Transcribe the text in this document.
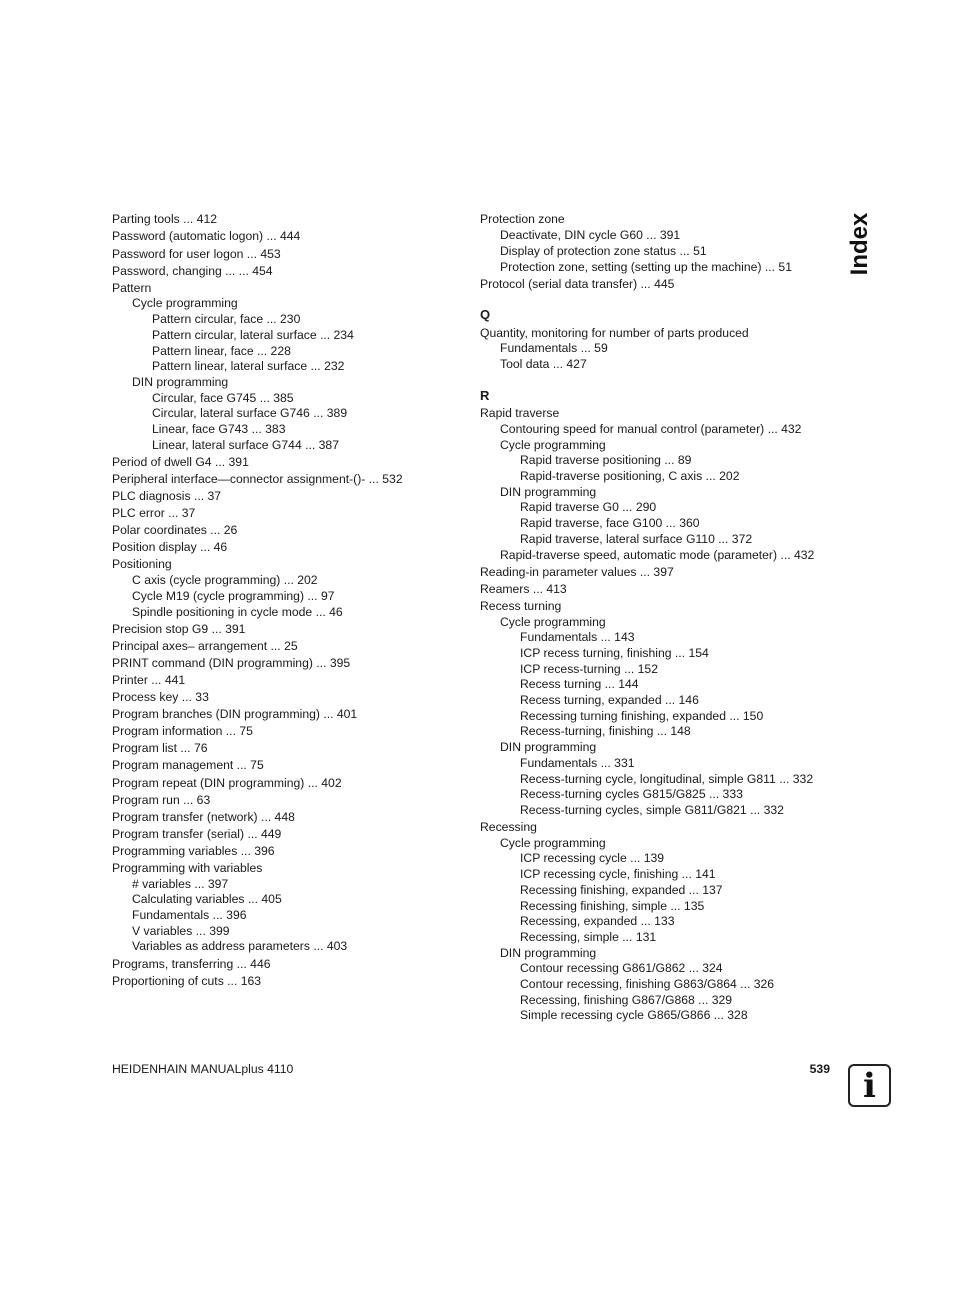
Parting tools ... 412
Password (automatic logon) ... 444
Password for user logon ... 453
Password, changing ... ... 454
Pattern
Cycle programming
Pattern circular, face ... 230
Pattern circular, lateral surface ... 234
Pattern linear, face ... 228
Pattern linear, lateral surface ... 232
DIN programming
Circular, face G745 ... 385
Circular, lateral surface G746 ... 389
Linear, face G743 ... 383
Linear, lateral surface G744 ... 387
Period of dwell G4 ... 391
Peripheral interface—connector assignment-()- ... 532
PLC diagnosis ... 37
PLC error ... 37
Polar coordinates ... 26
Position display ... 46
Positioning
C axis (cycle programming) ... 202
Cycle M19 (cycle programming) ... 97
Spindle positioning in cycle mode ... 46
Precision stop G9 ... 391
Principal axes– arrangement ... 25
PRINT command (DIN programming) ... 395
Printer ... 441
Process key ... 33
Program branches (DIN programming) ... 401
Program information ... 75
Program list ... 76
Program management ... 75
Program repeat (DIN programming) ... 402
Program run ... 63
Program transfer (network) ... 448
Program transfer (serial) ... 449
Programming variables ... 396
Programming with variables
# variables ... 397
Calculating variables ... 405
Fundamentals ... 396
V variables ... 399
Variables as address parameters ... 403
Programs, transferring ... 446
Proportioning of cuts ... 163
Protection zone
Deactivate, DIN cycle G60 ... 391
Display of protection zone status ... 51
Protection zone, setting (setting up the machine) ... 51
Protocol (serial data transfer) ... 445
Q
Quantity, monitoring for number of parts produced
Fundamentals ... 59
Tool data ... 427
R
Rapid traverse
Contouring speed for manual control (parameter) ... 432
Cycle programming
Rapid traverse positioning ... 89
Rapid-traverse positioning, C axis ... 202
DIN programming
Rapid traverse G0 ... 290
Rapid traverse, face G100 ... 360
Rapid traverse, lateral surface G110 ... 372
Rapid-traverse speed, automatic mode (parameter) ... 432
Reading-in parameter values ... 397
Reamers ... 413
Recess turning
Cycle programming
Fundamentals ... 143
ICP recess turning, finishing ... 154
ICP recess-turning ... 152
Recess turning ... 144
Recess turning, expanded ... 146
Recessing turning finishing, expanded ... 150
Recess-turning, finishing ... 148
DIN programming
Fundamentals ... 331
Recess-turning cycle, longitudinal, simple G811 ... 332
Recess-turning cycles G815/G825 ... 333
Recess-turning cycles, simple G811/G821 ... 332
Recessing
Cycle programming
ICP recessing cycle ... 139
ICP recessing cycle, finishing ... 141
Recessing finishing, expanded ... 137
Recessing finishing, simple ... 135
Recessing, expanded ... 133
Recessing, simple ... 131
DIN programming
Contour recessing G861/G862 ... 324
Contour recessing, finishing G863/G864 ... 326
Recessing, finishing G867/G868 ... 329
Simple recessing cycle G865/G866 ... 328
Index
HEIDENHAIN MANUALplus 4110	539 i
